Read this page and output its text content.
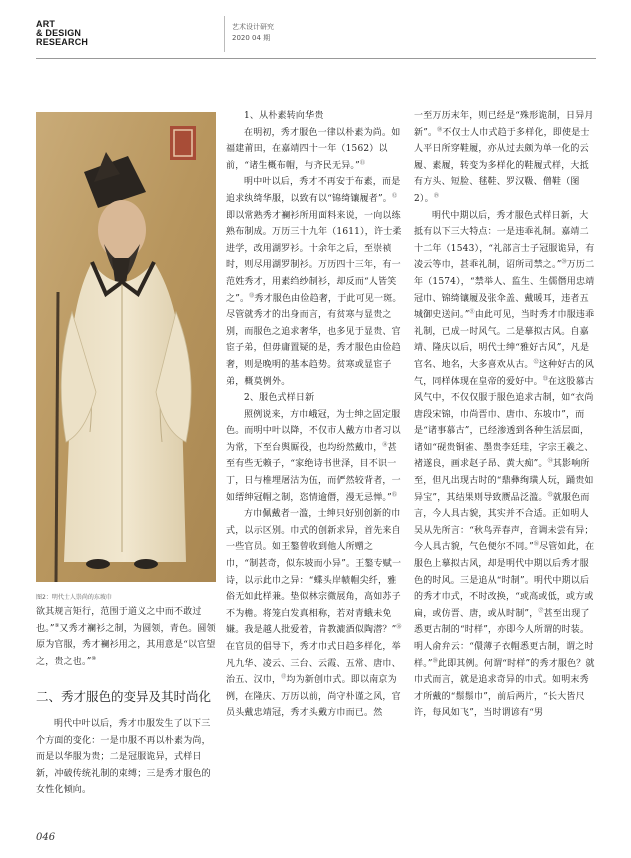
ART
& DESIGN
RESEARCH
艺术设计研究
2020 04 期
图2：明代士人崇尚的东坡巾

欲其规言矩行，范围于道义之中而不敢过也。”⑨又秀才襕衫之制，为圆领，青色。圆领原为官服，秀才襕衫用之，其用意是“以官望之，贵之也。”⑩

二、秀才服色的变异及其时尚化

明代中叶以后，秀才巾服发生了以下三个方面的变化：一是巾服不再以朴素为尚，而是以华服为贵；二是冠服诡异，式样日新，冲破传统礼制的束缚；三是秀才服色的女性化倾向。

1、从朴素转向华贵

在明初，秀才服色一律以朴素为尚。如福建莆田，在嘉靖四十一年（1562）以前，“诸生概布帽，与齐民无异。”⑪

明中叶以后，秀才不再安于布素，而是追求纨绮华服，以致有以“锦绮镶履者”。⑫即以常熟秀才襕衫所用面料来说，一向以练熟布制成。万历三十九年（1611），许士柔进学，改用湖罗衫。十余年之后，至崇祯时，则尽用湖罗制衫。万历四十三年，有一范姓秀才，用素绉纱制衫，却反而“人皆笑之”。⑬秀才服色由俭趋奢，于此可见一斑。尽管就秀才的出身而言，有贫寒与显贵之别，而服色之追求奢华，也多见于显贵、官宦子弟，但毋庸置疑的是，秀才服色由俭趋奢，则是晚明的基本趋势。贫寒或显宦子弟，概莫例外。

2、服色式样日新

照例说来，方巾峨冠，为士绅之固定服色。而明中叶以降，不仅市人戴方巾者习以为常，下至台舆厮役，也均纷然戴巾，⑭甚至有些无赖子，“家绝诗书世泽，目不识一丁，日与椎埋屠沽为伍，而俨然较背者，一如缙绅冠帽之制，恣情逾僭，漫无忌惮。”⑮

方巾佩戴者一滥，士绅只好别创新的巾式，以示区别。巾式的创新求异，首先来自一些官员。如王鏊曾收到他人所赠之巾，“制甚奇，似东坡而小异”。王鏊专赋一诗，以示此巾之异：“蝶头岸帻帽尖纤，雅俗无如此样兼。垫似林宗微展角，高如苏子不为檐。将笼白发真相称，若对青蛾未免嫌。我是越人批爱着，肯教漉酒似陶潜？”⑯在官员的倡导下，秀才巾式日趋多样化，举凡九华、凌云、三台、云霞、五常、唐巾、治五、汉巾，⑰均为新创巾式。即以南京为例，在隆庆、万历以前，尚守朴谨之风，官员头戴忠靖冠，秀才头戴方巾而已。然

一至万历末年，则已经是“殊形诡制，日异月新”。⑱不仅士人巾式趋于多样化，即使是士人平日所穿鞋履，亦从过去颇为单一化的云履、素履，转变为多样化的鞋履式样，大抵有方头、短脸、毬鞋、罗汉靸、僧鞋（图2）。⑲

明代中期以后，秀才服色式样日新，大抵有以下三大特点：一是违乖礼制。嘉靖二十二年（1543），“礼部言士子冠服诡异，有凌云等巾，甚乖礼制，诏所司禁之。”⑳万历二年（1574），“禁举人、监生、生儒僭用忠靖冠巾、锦绮镶履及张伞盖、戴暖耳，违者五城御史送问。”$^㉑$由此可见，当时秀才巾服违乖礼制，已成一时风气。二是摹拟古风。自嘉靖、隆庆以后，明代士绅“雅好古风”，凡是官名、地名，大多喜欢从古。$^㉒$这种好古的风气，同样体现在皇帝的爱好中。$^㉓$在这股慕古风气中，不仅仅服于服色追求古制，如“衣尚唐段宋锦，巾尚晋巾、唐巾、东坡巾”，而是“诸事慕古”，已经渗透到各种生活层面，诸如“砚贵铜雀、墨贵李廷珪，字宗王羲之、褚遂良，画求赵子昂、黄大痴”。$^㉔$其影响所至，但凡出现古时的“鼎彝绚璜人玩，踊贵如异宝”，其结果则导致赝品泛滥。$^㉕$就服色而言，今人具古貌，其实并不合适。正如明人吴从先所言：“秋鸟弄春声，音调未尝有异；今人具古貌，气色便尔不同。”$^㉖$尽管如此，在服色上摹拟古风，却是明代中期以后秀才服色的时风。三是追从“时制”。明代中期以后的秀才巾式，不时改换，“或高或低，或方或扁，或仿晋、唐，或从时制”，$^㉗$甚至出现了悉更古制的“时样”，亦即今人所谓的时装。明人俞弁云：“儇薄子衣帽悉更古制，谓之时样。”$^㉘$此即其例。何谓“时样”的秀才服色？就巾式而言，就是追求奇异的巾式。如明末秀才所戴的“鬃鬃巾”，前后两片，“长大皆尺许，每风如飞”，当时谓谚有“男

046
